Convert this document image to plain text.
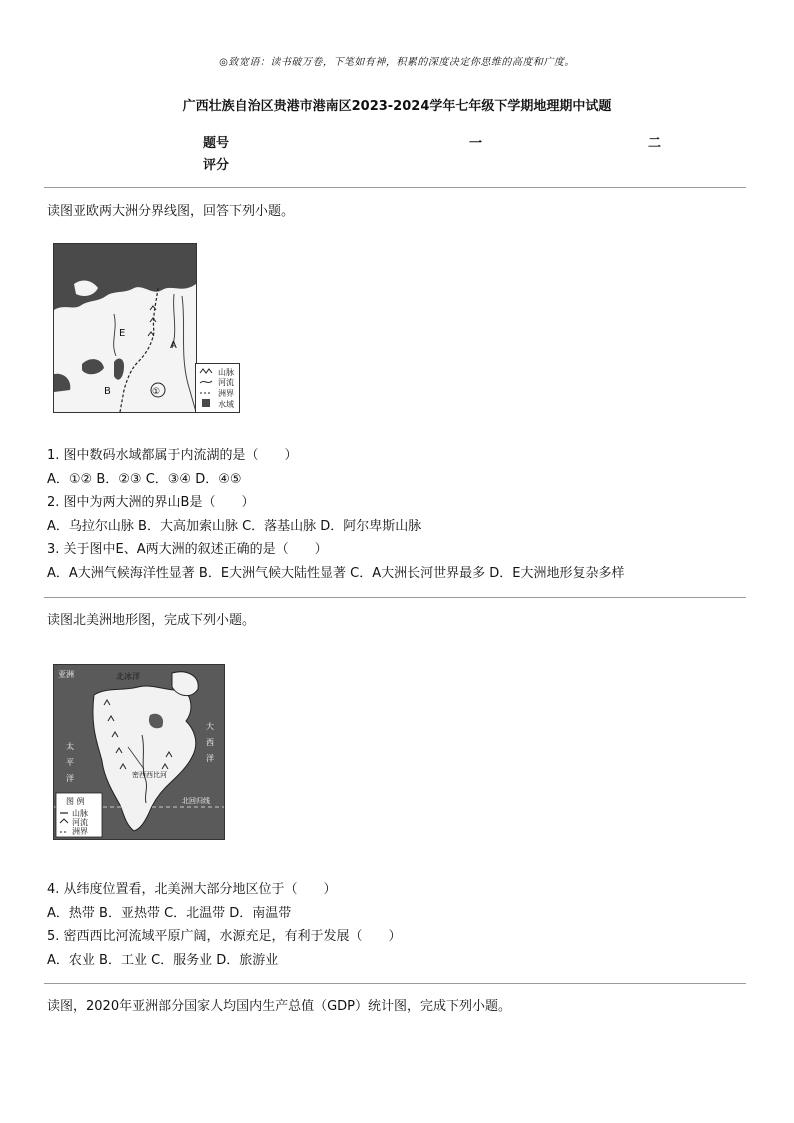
◎致宽语：读书破万卷，下笔如有神，积累的深度决定你思维的高度和广度。
广西壮族自治区贵港市港南区2023-2024学年七年级下学期地理期中试题
题号	一	二
评分
读图亚欧两大洲分界线图，回答下列小题。
E
A
B	①
山脉
河流
洲界
水域
1. 图中数码水域都属于内流湖的是（　　）
A．①② B．②③ C．③④ D．④⑤
2. 图中为两大洲的界山B是（　　）
A．乌拉尔山脉 B．大高加索山脉 C．落基山脉 D．阿尔卑斯山脉
3. 关于图中E、A两大洲的叙述正确的是（　　）
A．A大洲气候海洋性显著 B．E大洲气候大陆性显著 C．A大洲长河世界最多 D．E大洲地形复杂多样
读图北美洲地形图，完成下列小题。
图 例
山脉
河流
洲界
亚洲	北冰洋
太
平
洋
大
西
洋
北回归线
密西西比河
4. 从纬度位置看，北美洲大部分地区位于（　　）
A．热带 B．亚热带 C．北温带 D．南温带
5. 密西西比河流域平原广阔，水源充足，有利于发展（　　）
A．农业 B．工业 C．服务业 D．旅游业
读图，2020年亚洲部分国家人均国内生产总值（GDP）统计图，完成下列小题。
